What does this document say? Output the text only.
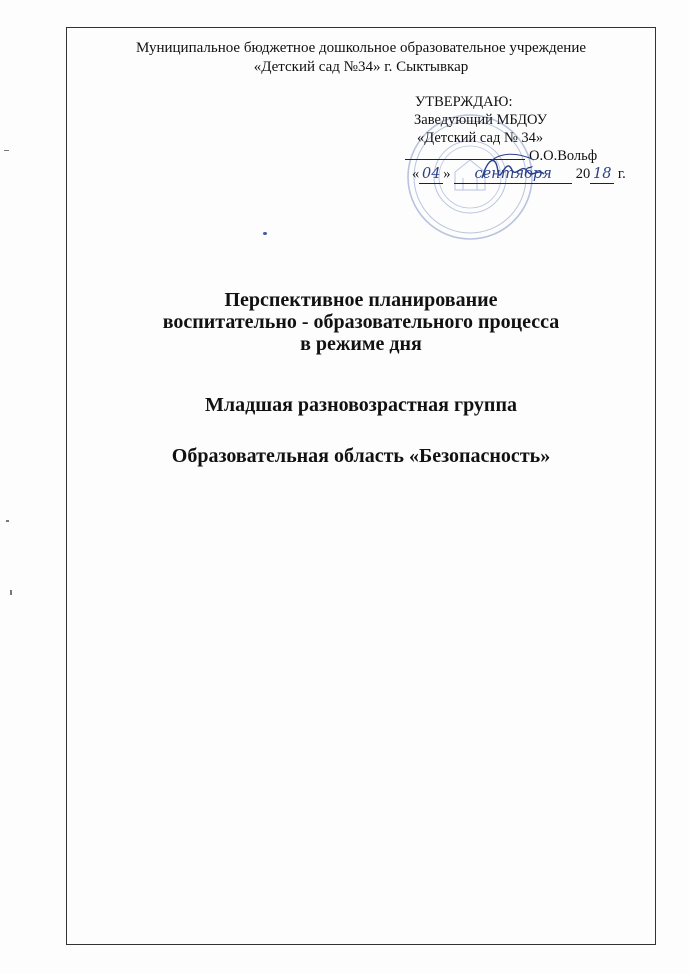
Муниципальное бюджетное дошкольное образовательное учреждение
«Детский сад №34» г. Сыктывкар
УТВЕРЖДАЮ:
Заведующий МБДОУ
«Детский сад № 34»
О.О.Вольф
« 04 » сентября 20 18 г.
Перспективное планирование
воспитательно - образовательного процесса
в режиме дня
Младшая разновозрастная группа
Образовательная область «Безопасность»
